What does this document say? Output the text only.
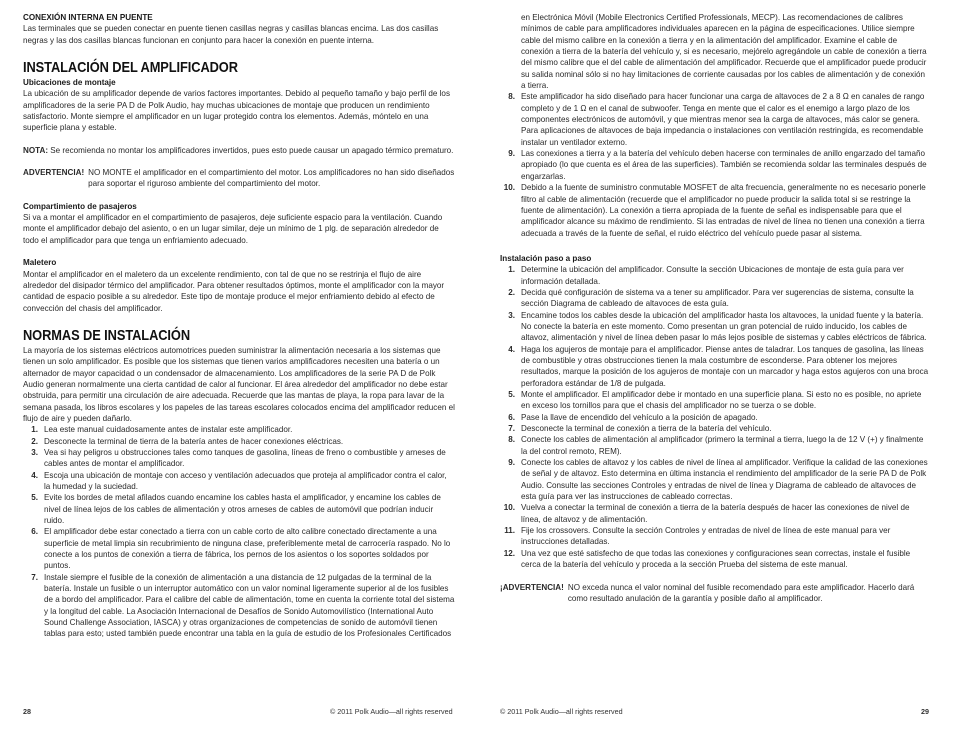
CONEXIÓN INTERNA EN PUENTE

Las terminales que se pueden conectar en puente tienen casillas negras y casillas blancas encima. Las dos casillas negras y las dos casillas blancas funcionan en conjunto para hacer la conexión en puente interna.

INSTALACIÓN DEL AMPLIFICADOR

Ubicaciones de montaje

La ubicación de su amplificador depende de varios factores importantes. Debido al pequeño tamaño y bajo perfil de los amplificadores de la serie PA D de Polk Audio, hay muchas ubicaciones de montaje que producen un rendimiento satisfactorio. Monte siempre el amplificador en un lugar protegido contra los elementos. Además, móntelo en una superficie plana y estable.

NOTA: Se recomienda no montar los amplificadores invertidos, pues esto puede causar un apagado térmico prematuro.

ADVERTENCIA! NO MONTE el amplificador en el compartimiento del motor. Los amplificadores no han sido diseñados para soportar el riguroso ambiente del compartimiento del motor.

Compartimiento de pasajeros

Si va a montar el amplificador en el compartimiento de pasajeros, deje suficiente espacio para la ventilación. Cuando monte el amplificador debajo del asiento, o en un lugar similar, deje un mínimo de 1 plg. de separación alrededor de todo el amplificador para que tenga un enfriamiento adecuado.

Maletero

Montar el amplificador en el maletero da un excelente rendimiento, con tal de que no se restrinja el flujo de aire alrededor del disipador térmico del amplificador. Para obtener resultados óptimos, monte el amplificador con la mayor cantidad de espacio posible a su alrededor. Este tipo de montaje produce el mejor enfriamiento debido al efecto de convección del chasis del amplificador.

NORMAS DE INSTALACIÓN

La mayoría de los sistemas eléctricos automotrices pueden suministrar la alimentación necesaria a los sistemas que tienen un solo amplificador. Es posible que los sistemas que tienen varios amplificadores necesiten una batería o un alternador de mayor capacidad o un condensador de almacenamiento. Los amplificadores de la serie PA D de Polk Audio generan normalmente una cierta cantidad de calor al funcionar. El área alrededor del amplificador no debe estar obstruida, para permitir una circulación de aire adecuada. Recuerde que las mantas de playa, la ropa para lavar de la semana pasada, los libros escolares y los papeles de las tareas escolares colocados encima del amplificador reducen el flujo de aire y pueden dañarlo.

1. Lea este manual cuidadosamente antes de instalar este amplificador.
2. Desconecte la terminal de tierra de la batería antes de hacer conexiones eléctricas.
3. Vea si hay peligros u obstrucciones tales como tanques de gasolina, líneas de freno o combustible y arneses de cables antes de montar el amplificador.
4. Escoja una ubicación de montaje con acceso y ventilación adecuados que proteja al amplificador contra el calor, la humedad y la suciedad.
5. Evite los bordes de metal afilados cuando encamine los cables hasta el amplificador, y encamine los cables de nivel de línea lejos de los cables de alimentación y otros arneses de cables de automóvil que podrían inducir ruido.
6. El amplificador debe estar conectado a tierra con un cable corto de alto calibre conectado directamente a una superficie de metal limpia sin recubrimiento de ninguna clase, preferiblemente metal de carrocería raspado. No lo conecte a los puntos de conexión a tierra de fábrica, los pernos de los asientos o los soportes soldados por puntos.
7. Instale siempre el fusible de la conexión de alimentación a una distancia de 12 pulgadas de la terminal de la batería. Instale un fusible o un interruptor automático con un valor nominal ligeramente superior al de los fusibles de a bordo del amplificador. Para el calibre del cable de alimentación, tome en cuenta la corriente total del sistema y la longitud del cable. La Asociación Internacional de Desafíos de Sonido Automovilístico (International Auto Sound Challenge Association, IASCA) y otras organizaciones de competencias de sonido de automóvil tienen tablas para esto; usted también puede encontrar una tabla en la guía de estudio de los Profesionales Certificados

en Electrónica Móvil (Mobile Electronics Certified Professionals, MECP). Las recomendaciones de calibres mínimos de cable para amplificadores individuales aparecen en la página de especificaciones. Utilice siempre cable del mismo calibre en la conexión a tierra y en la alimentación del amplificador. Examine el cable de conexión a tierra de la batería del vehículo y, si es necesario, mejórelo agregándole un cable de conexión a tierra del mismo calibre que el del cable de alimentación del amplificador. Recuerde que el amplificador puede producir su salida nominal sólo si no hay limitaciones de corriente causadas por los cables de alimentación y de conexión a tierra.

8. Este amplificador ha sido diseñado para hacer funcionar una carga de altavoces de 2 a 8 Ω en canales de rango completo y de 1 Ω en el canal de subwoofer. Tenga en mente que el calor es el enemigo a largo plazo de los componentes electrónicos de automóvil, y que mientras menor sea la carga de altavoces, más calor se genera. Para aplicaciones de altavoces de baja impedancia o instalaciones con ventilación restringida, es recomendable instalar un ventilador externo.
9. Las conexiones a tierra y a la batería del vehículo deben hacerse con terminales de anillo engarzado del tamaño apropiado (lo que cuenta es el área de las superficies). También se recomienda soldar las terminales después de engarzarlas.
10. Debido a la fuente de suministro conmutable MOSFET de alta frecuencia, generalmente no es necesario ponerle filtro al cable de alimentación (recuerde que el amplificador no puede producir la salida total si se restringe la fuente de alimentación). La conexión a tierra apropiada de la fuente de señal es indispensable para que el amplificador alcance su máximo de rendimiento. Si las entradas de nivel de línea no tienen una conexión a tierra adecuada a través de la fuente de señal, el ruido eléctrico del vehículo puede pasar al sistema.

Instalación paso a paso

1. Determine la ubicación del amplificador. Consulte la sección Ubicaciones de montaje de esta guía para ver información detallada.
2. Decida qué configuración de sistema va a tener su amplificador. Para ver sugerencias de sistema, consulte la sección Diagrama de cableado de altavoces de esta guía.
3. Encamine todos los cables desde la ubicación del amplificador hasta los altavoces, la unidad fuente y la batería. No conecte la batería en este momento. Como presentan un gran potencial de ruido inducido, los cables de altavoz, alimentación y nivel de línea deben pasar lo más lejos posible de sistemas y cables eléctricos de fábrica.
4. Haga los agujeros de montaje para el amplificador. Piense antes de taladrar. Los tanques de gasolina, las líneas de combustible y otras obstrucciones tienen la mala costumbre de esconderse. Para obtener los mejores resultados, marque la posición de los agujeros de montaje con un marcador y haga estos agujeros con una broca perforadora estándar de 1/8 de pulgada.
5. Monte el amplificador. El amplificador debe ir montado en una superficie plana. Si esto no es posible, no apriete en exceso los tornillos para que el chasis del amplificador no se tuerza o se doble.
6. Pase la llave de encendido del vehículo a la posición de apagado.
7. Desconecte la terminal de conexión a tierra de la batería del vehículo.
8. Conecte los cables de alimentación al amplificador (primero la terminal a tierra, luego la de 12 V (+) y finalmente la del control remoto, REM).
9. Conecte los cables de altavoz y los cables de nivel de línea al amplificador. Verifique la calidad de las conexiones de señal y de altavoz. Esto determina en última instancia el rendimiento del amplificador de la serie PA D de Polk Audio. Consulte las secciones Controles y entradas de nivel de línea y Diagrama de cableado de altavoces de esta guía para ver las instrucciones de cableado correctas.
10. Vuelva a conectar la terminal de conexión a tierra de la batería después de hacer las conexiones de nivel de línea, de altavoz y de alimentación.
11. Fije los crossovers. Consulte la sección Controles y entradas de nivel de línea de este manual para ver instrucciones detalladas.
12. Una vez que esté satisfecho de que todas las conexiones y configuraciones sean correctas, instale el fusible cerca de la batería del vehículo y proceda a la sección Prueba del sistema de este manual.

¡ADVERTENCIA! NO exceda nunca el valor nominal del fusible recomendado para este amplificador. Hacerlo dará como resultado anulación de la garantía y posible daño al amplificador.

28	© 2011 Polk Audio—all rights reserved	© 2011 Polk Audio—all rights reserved	29
